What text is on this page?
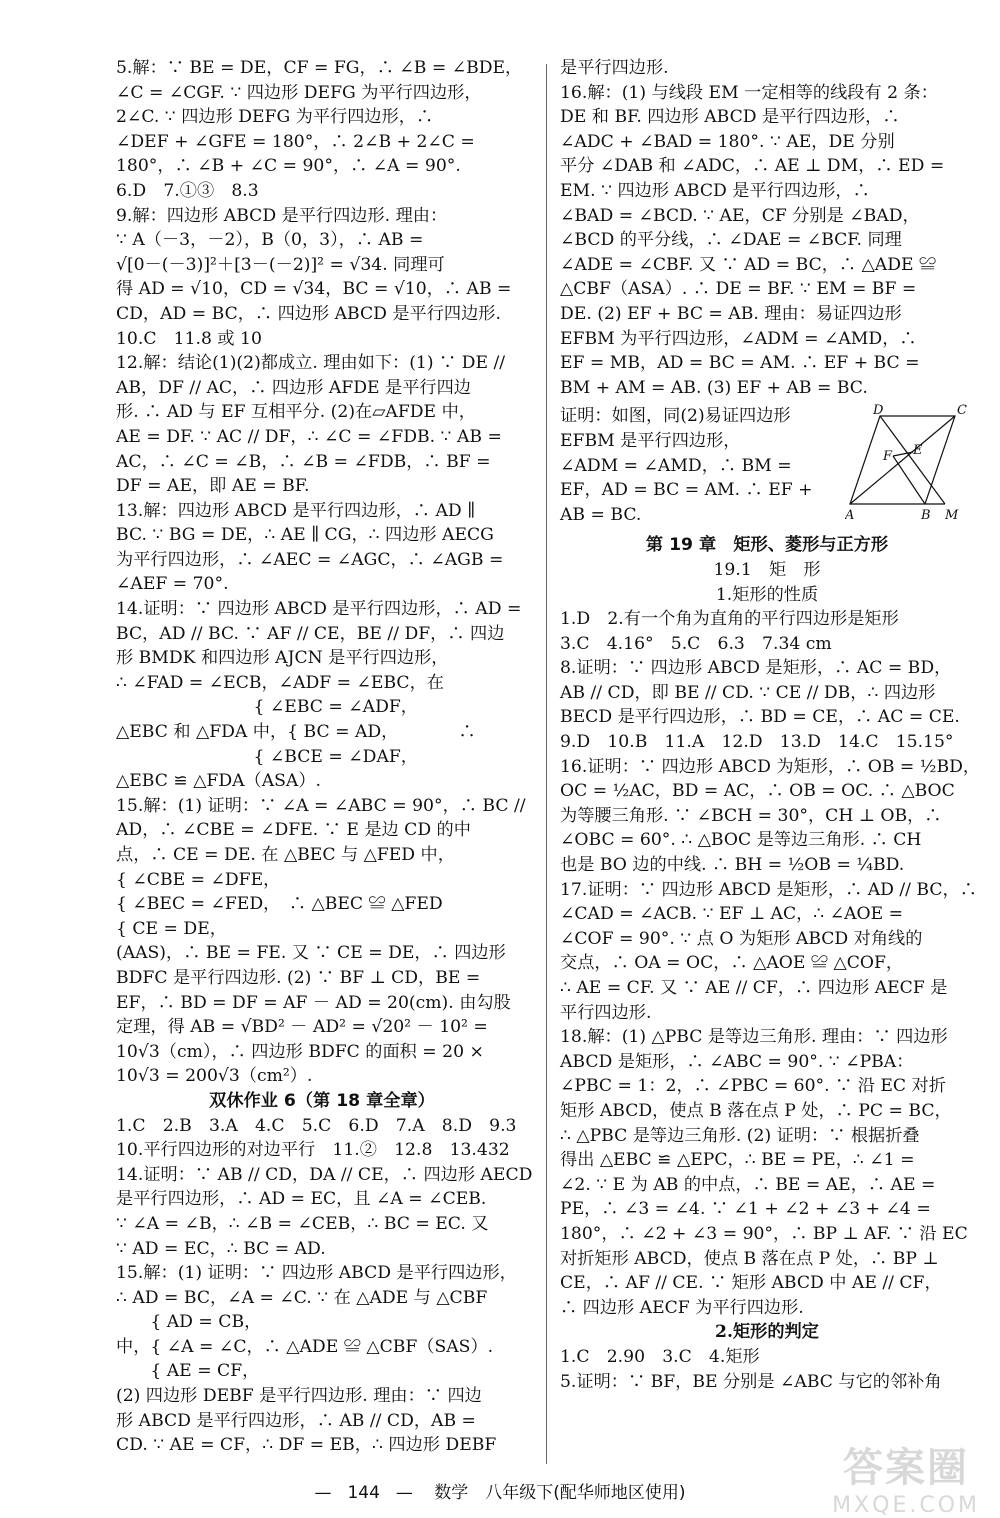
5.解：∵ BE = DE，CF = FG，∴ ∠B = ∠BDE，
∠C = ∠CGF. ∵ 四边形 DEFG 为平行四边形，
2∠C. ∵ 四边形 DEFG 为平行四边形，∴
∠DEF + ∠GFE = 180°，∴ 2∠B + 2∠C =
180°，∴ ∠B + ∠C = 90°，∴ ∠A = 90°.
6.D　7.①③　8.3
9.解：四边形 ABCD 是平行四边形. 理由：
∵ A（－3，－2），B（0，3），∴ AB =
√[0－(－3)]²＋[3－(－2)]² = √34. 同理可
得 AD = √10，CD = √34，BC = √10，∴ AB =
CD，AD = BC，∴ 四边形 ABCD 是平行四边形.
10.C　11.8 或 10
12.解：结论(1)(2)都成立. 理由如下：(1) ∵ DE //
AB，DF // AC，∴ 四边形 AFDE 是平行四边
形. ∴ AD 与 EF 互相平分. (2)在▱AFDE 中，
AE = DF. ∵ AC // DF，∴ ∠C = ∠FDB. ∵ AB =
AC，∴ ∠C = ∠B，∴ ∠B = ∠FDB，∴ BF =
DF = AE，即 AE = BF.
13.解：四边形 ABCD 是平行四边形，∴ AD ∥
BC. ∵ BG = DE，∴ AE ∥ CG，∴ 四边形 AECG
为平行四边形，∴ ∠AEC = ∠AGC，∴ ∠AGB =
∠AEF = 70°.
14.证明：∵ 四边形 ABCD 是平行四边形，∴ AD =
BC，AD // BC. ∵ AF // CE，BE // DF，∴ 四边
形 BMDK 和四边形 AJCN 是平行四边形，
∴ ∠FAD = ∠ECB，∠ADF = ∠EBC，在
　　　　　　　　{ ∠EBC = ∠ADF，
△EBC 和 △FDA 中，{ BC = AD，　　　　∴
　　　　　　　　{ ∠BCE = ∠DAF，
△EBC ≌ △FDA（ASA）.
15.解：(1) 证明：∵ ∠A = ∠ABC = 90°，∴ BC //
AD，∴ ∠CBE = ∠DFE. ∵ E 是边 CD 的中
点，∴ CE = DE. 在 △BEC 与 △FED 中，
{ ∠CBE = ∠DFE，
{ ∠BEC = ∠FED，　∴ △BEC ≌ △FED
{ CE = DE，
(AAS)，∴ BE = FE. 又 ∵ CE = DE，∴ 四边形
BDFC 是平行四边形. (2) ∵ BF ⊥ CD，BE =
EF，∴ BD = DF = AF － AD = 20(cm). 由勾股
定理，得 AB = √BD² － AD² = √20² － 10² =
10√3（cm），∴ 四边形 BDFC 的面积 = 20 ×
10√3 = 200√3（cm²）.
双休作业 6（第 18 章全章）
1.C　2.B　3.A　4.C　5.C　6.D　7.A　8.D　9.3
10.平行四边形的对边平行　11.②　12.8　13.432
14.证明：∵ AB // CD，DA // CE，∴ 四边形 AECD
是平行四边形，∴ AD = EC，且 ∠A = ∠CEB.
∵ ∠A = ∠B，∴ ∠B = ∠CEB，∴ BC = EC. 又
∵ AD = EC，∴ BC = AD.
15.解：(1) 证明：∵ 四边形 ABCD 是平行四边形，
∴ AD = BC，∠A = ∠C. ∵ 在 △ADE 与 △CBF
　　{ AD = CB，
中，{ ∠A = ∠C，∴ △ADE ≌ △CBF（SAS）.
　　{ AE = CF，
(2) 四边形 DEBF 是平行四边形. 理由：∵ 四边
形 ABCD 是平行四边形，∴ AB // CD，AB =
CD. ∵ AE = CF，∴ DF = EB，∴ 四边形 DEBF
是平行四边形.
16.解：(1) 与线段 EM 一定相等的线段有 2 条：
DE 和 BF. 四边形 ABCD 是平行四边形，∴
∠ADC + ∠BAD = 180°. ∵ AE，DE 分别
平分 ∠DAB 和 ∠ADC，∴ AE ⊥ DM，∴ ED =
EM. ∵ 四边形 ABCD 是平行四边形，∴
∠BAD = ∠BCD. ∵ AE，CF 分别是 ∠BAD，
∠BCD 的平分线，∴ ∠DAE = ∠BCF. 同理
∠ADE = ∠CBF. 又 ∵ AD = BC，∴ △ADE ≌
△CBF（ASA）. ∴ DE = BF. ∵ EM = BF =
DE. (2) EF + BC = AB. 理由：易证四边形
EFBM 为平行四边形，∠ADM = ∠AMD，∴
EF = MB，AD = BC = AM. ∴ EF + BC =
BM + AM = AB. (3) EF + AB = BC.
证明：如图，同(2)易证四边形
EFBM 是平行四边形，
∠ADM = ∠AMD，∴ BM =
EF，AD = BC = AM. ∴ EF +
AB = BC.
D	C
F E
A	B M
第 19 章　矩形、菱形与正方形
19.1　矩　形
1.矩形的性质
1.D　2.有一个角为直角的平行四边形是矩形
3.C　4.16°　5.C　6.3　7.34 cm
8.证明：∵ 四边形 ABCD 是矩形，∴ AC = BD，
AB // CD，即 BE // CD. ∵ CE // DB，∴ 四边形
BECD 是平行四边形，∴ BD = CE，∴ AC = CE.
9.D　10.B　11.A　12.D　13.D　14.C　15.15°
16.证明：∵ 四边形 ABCD 为矩形，∴ OB = ½BD，
OC = ½AC，BD = AC，∴ OB = OC. ∴ △BOC
为等腰三角形. ∵ ∠BCH = 30°，CH ⊥ OB，∴
∠OBC = 60°. ∴ △BOC 是等边三角形. ∴ CH
也是 BO 边的中线. ∴ BH = ½OB = ¼BD.
17.证明：∵ 四边形 ABCD 是矩形，∴ AD // BC，∴
∠CAD = ∠ACB. ∵ EF ⊥ AC，∴ ∠AOE =
∠COF = 90°. ∵ 点 O 为矩形 ABCD 对角线的
交点，∴ OA = OC，∴ △AOE ≌ △COF，
∴ AE = CF. 又 ∵ AE // CF，∴ 四边形 AECF 是
平行四边形.
18.解：(1) △PBC 是等边三角形. 理由：∵ 四边形
ABCD 是矩形，∴ ∠ABC = 90°. ∵ ∠PBA：
∠PBC = 1：2，∴ ∠PBC = 60°. ∵ 沿 EC 对折
矩形 ABCD，使点 B 落在点 P 处，∴ PC = BC，
∴ △PBC 是等边三角形. (2) 证明：∵ 根据折叠
得出 △EBC ≌ △EPC，∴ BE = PE，∴ ∠1 =
∠2. ∵ E 为 AB 的中点，∴ BE = AE，∴ AE =
PE，∴ ∠3 = ∠4. ∵ ∠1 + ∠2 + ∠3 + ∠4 =
180°，∴ ∠2 + ∠3 = 90°，∴ BP ⊥ AF. ∵ 沿 EC
对折矩形 ABCD，使点 B 落在点 P 处，∴ BP ⊥
CE，∴ AF // CE. ∵ 矩形 ABCD 中 AE // CF，
∴ 四边形 AECF 为平行四边形.
2.矩形的判定
1.C　2.90　3.C　4.矩形
5.证明：∵ BF，BE 分别是 ∠ABC 与它的邻补角
— 144 — 数学　八年级下(配华师地区使用)
答案圈
MXQE.COM
